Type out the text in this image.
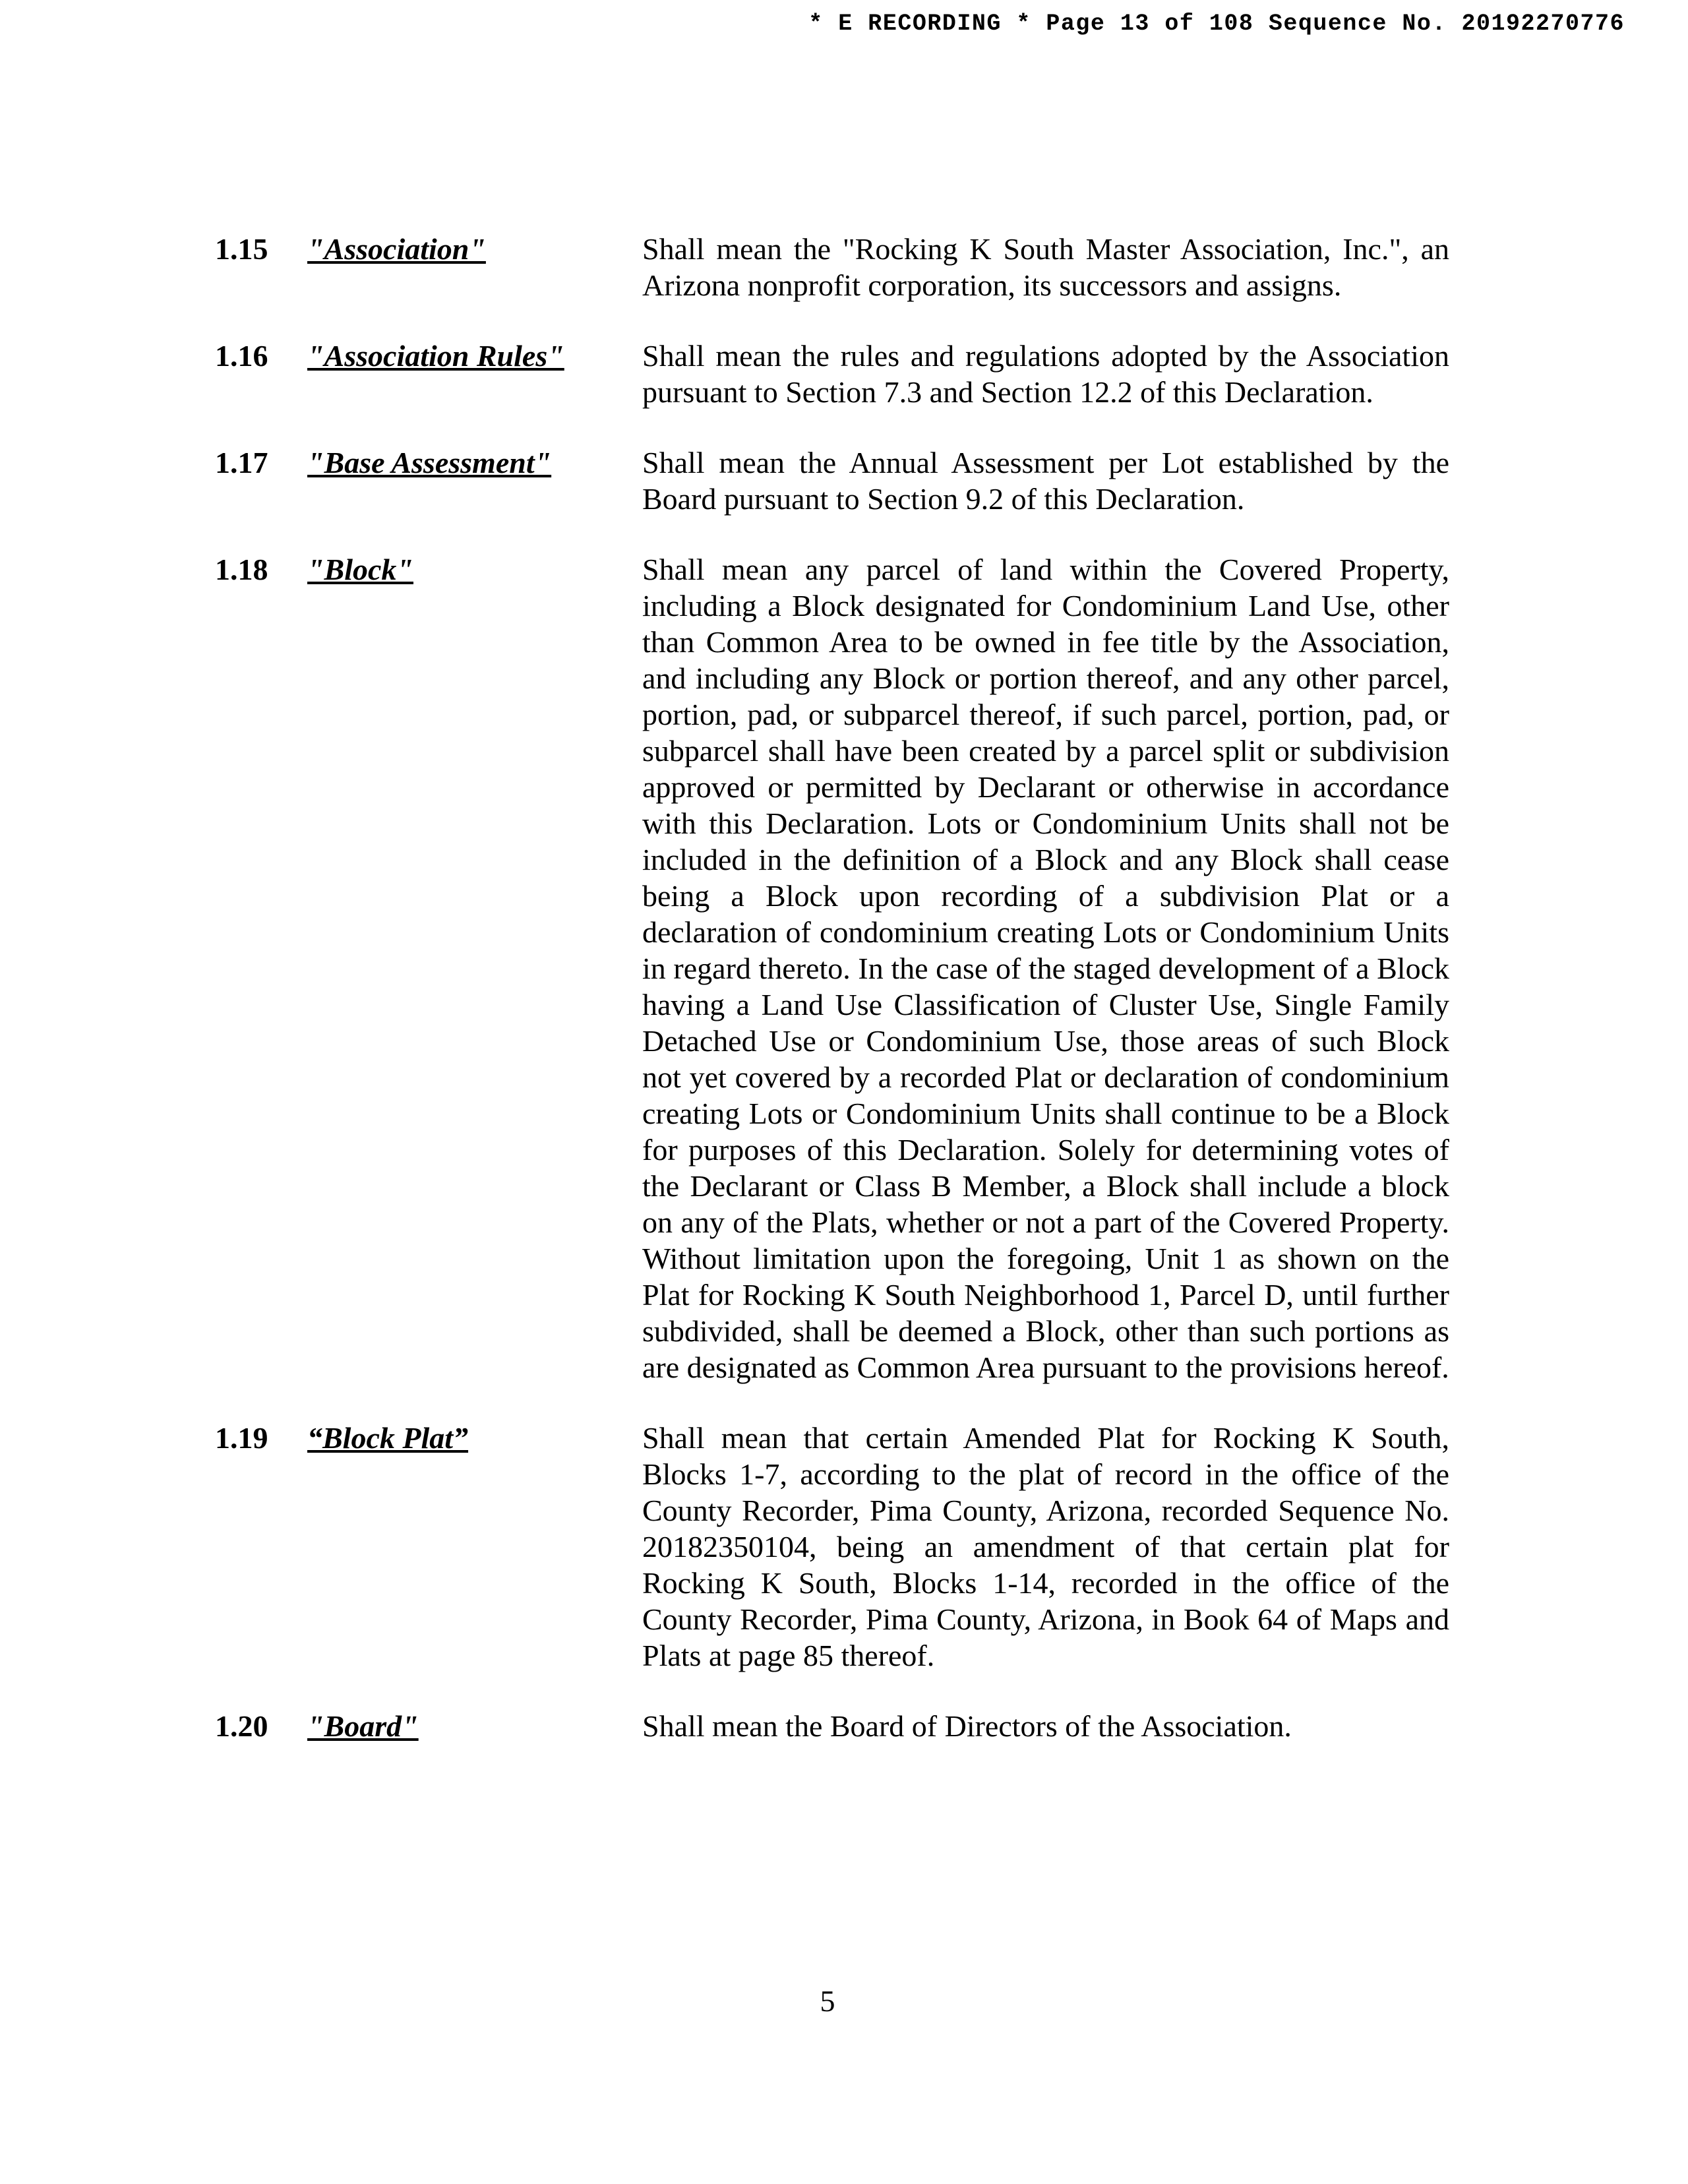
* E RECORDING * Page 13 of 108 Sequence No. 20192270776
1.15 "Association"	Shall mean the "Rocking K South Master Association, Inc.", an Arizona nonprofit corporation, its successors and assigns.
1.16 "Association Rules"	Shall mean the rules and regulations adopted by the Association pursuant to Section 7.3 and Section 12.2 of this Declaration.
1.17 "Base Assessment"	Shall mean the Annual Assessment per Lot established by the Board pursuant to Section 9.2 of this Declaration.
1.18 "Block"	Shall mean any parcel of land within the Covered Property, including a Block designated for Condominium Land Use, other than Common Area to be owned in fee title by the Association, and including any Block or portion thereof, and any other parcel, portion, pad, or subparcel thereof, if such parcel, portion, pad, or subparcel shall have been created by a parcel split or subdivision approved or permitted by Declarant or otherwise in accordance with this Declaration. Lots or Condominium Units shall not be included in the definition of a Block and any Block shall cease being a Block upon recording of a subdivision Plat or a declaration of condominium creating Lots or Condominium Units in regard thereto. In the case of the staged development of a Block having a Land Use Classification of Cluster Use, Single Family Detached Use or Condominium Use, those areas of such Block not yet covered by a recorded Plat or declaration of condominium creating Lots or Condominium Units shall continue to be a Block for purposes of this Declaration. Solely for determining votes of the Declarant or Class B Member, a Block shall include a block on any of the Plats, whether or not a part of the Covered Property. Without limitation upon the foregoing, Unit 1 as shown on the Plat for Rocking K South Neighborhood 1, Parcel D, until further subdivided, shall be deemed a Block, other than such portions as are designated as Common Area pursuant to the provisions hereof.
1.19 “Block Plat”	Shall mean that certain Amended Plat for Rocking K South, Blocks 1-7, according to the plat of record in the office of the County Recorder, Pima County, Arizona, recorded Sequence No. 20182350104, being an amendment of that certain plat for Rocking K South, Blocks 1-14, recorded in the office of the County Recorder, Pima County, Arizona, in Book 64 of Maps and Plats at page 85 thereof.
1.20 "Board"	Shall mean the Board of Directors of the Association.
5
